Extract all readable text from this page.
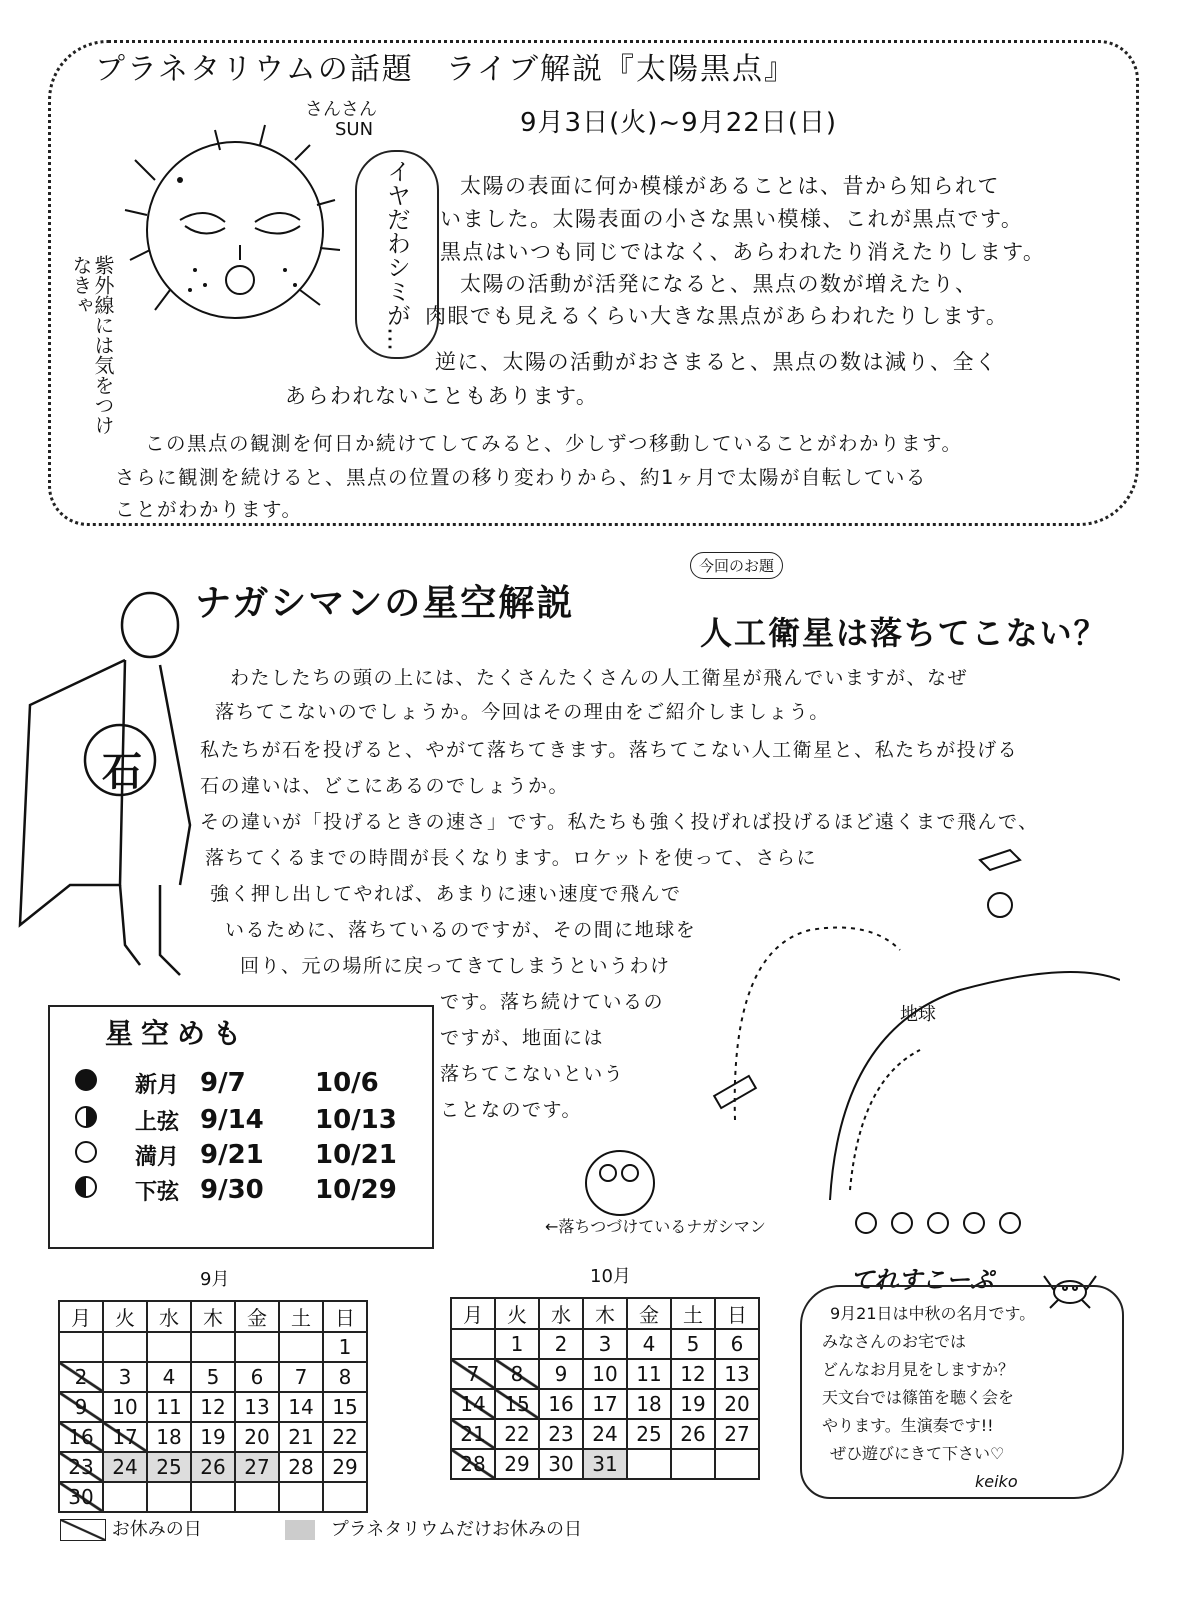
プラネタリウムの話題　ライブ解説『太陽黒点』
9月3日(火)~9月22日(日)
さんさん
SUN
イヤだわシミが…
紫外線には気をつけなきゃ
太陽の表面に何か模様があることは、昔から知られて
いました。太陽表面の小さな黒い模様、これが黒点です。
黒点はいつも同じではなく、あらわれたり消えたりします。
太陽の活動が活発になると、黒点の数が増えたり、
肉眼でも見えるくらい大きな黒点があらわれたりします。
逆に、太陽の活動がおさまると、黒点の数は減り、全く
あらわれないこともあります。
この黒点の観測を何日か続けてしてみると、少しずつ移動していることがわかります。
さらに観測を続けると、黒点の位置の移り変わりから、約1ヶ月で太陽が自転している
ことがわかります。
石
ナガシマンの星空解説
今回のお題
人工衛星は落ちてこない？
わたしたちの頭の上には、たくさんたくさんの人工衛星が飛んでいますが、なぜ
落ちてこないのでしょうか。今回はその理由をご紹介しましょう。
私たちが石を投げると、やがて落ちてきます。落ちてこない人工衛星と、私たちが投げる
石の違いは、どこにあるのでしょうか。
その違いが「投げるときの速さ」です。私たちも強く投げれば投げるほど遠くまで飛んで、
落ちてくるまでの時間が長くなります。ロケットを使って、さらに
強く押し出してやれば、あまりに速い速度で飛んで
いるために、落ちているのですが、その間に地球を
回り、元の場所に戻ってきてしまうというわけ
です。落ち続けているの
ですが、地面には
落ちてこないという
ことなのです。
地球
←落ちつづけているナガシマン
星空めも
新月 9/7	10/6
上弦 9/14 10/13
満月 9/21 10/21
下弦 9/30 10/29
9月
月	火	水	木	金	土	日
						1
2	3	4	5	6	7	8
9	10	11	12	13	14	15
16	17	18	19	20	21	22
23	24	25	26	27	28	29
30						
10月
月	火	水	木	金	土	日
	1	2	3	4	5	6
7	8	9	10	11	12	13
14	15	16	17	18	19	20
21	22	23	24	25	26	27
28	29	30	31			
お休みの日	プラネタリウムだけお休みの日
てれすこーぷ
9月21日は中秋の名月です。
みなさんのお宅では
どんなお月見をしますか？
天文台では篠笛を聴く会を
やります。生演奏です!!
ぜひ遊びにきて下さい♡
keiko
